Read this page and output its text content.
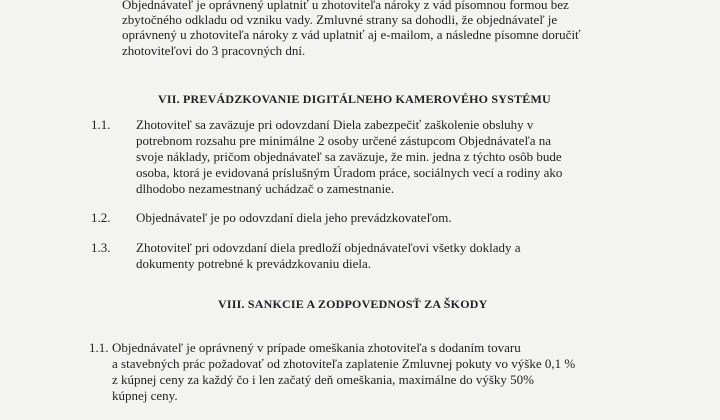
Objednávateľ je oprávnený uplatniť u zhotoviteľa nároky z vád písomnou formou bez
zbytočného odkladu od vzniku vady. Zmluvné strany sa dohodli, že objednávateľ je
oprávnený u zhotoviteľa nároky z vád uplatniť aj e-mailom, a následne písomne doručiť
zhotoviteľovi do 3 pracovných dní.
VII. PREVÁDZKOVANIE DIGITÁLNEHO KAMEROVÉHO SYSTÉMU
1.1. Zhotoviteľ sa zaväzuje pri odovzdaní Diela zabezpečiť zaškolenie obsluhy v
potrebnom rozsahu pre minimálne 2 osoby určené zástupcom Objednávateľa na
svoje náklady, pričom objednávateľ sa zaväzuje, že min. jedna z týchto osôb bude
osoba, ktorá je evidovaná príslušným Úradom práce, sociálnych vecí a rodiny ako
dlhodobo nezamestnaný uchádzač o zamestnanie.
1.2. Objednávateľ je po odovzdaní diela jeho prevádzkovateľom.
1.3. Zhotoviteľ pri odovzdaní diela predloží objednávateľovi všetky doklady a
dokumenty potrebné k prevádzkovaniu diela.
VIII. SANKCIE A ZODPOVEDNOSŤ ZA ŠKODY
1.1. Objednávateľ je oprávnený v prípade omeškania zhotoviteľa s dodaním tovaru
a stavebných prác požadovať od zhotoviteľa zaplatenie Zmluvnej pokuty vo výške 0,1 %
z kúpnej ceny za každý čo i len začatý deň omeškania, maximálne do výšky 50%
kúpnej ceny.
